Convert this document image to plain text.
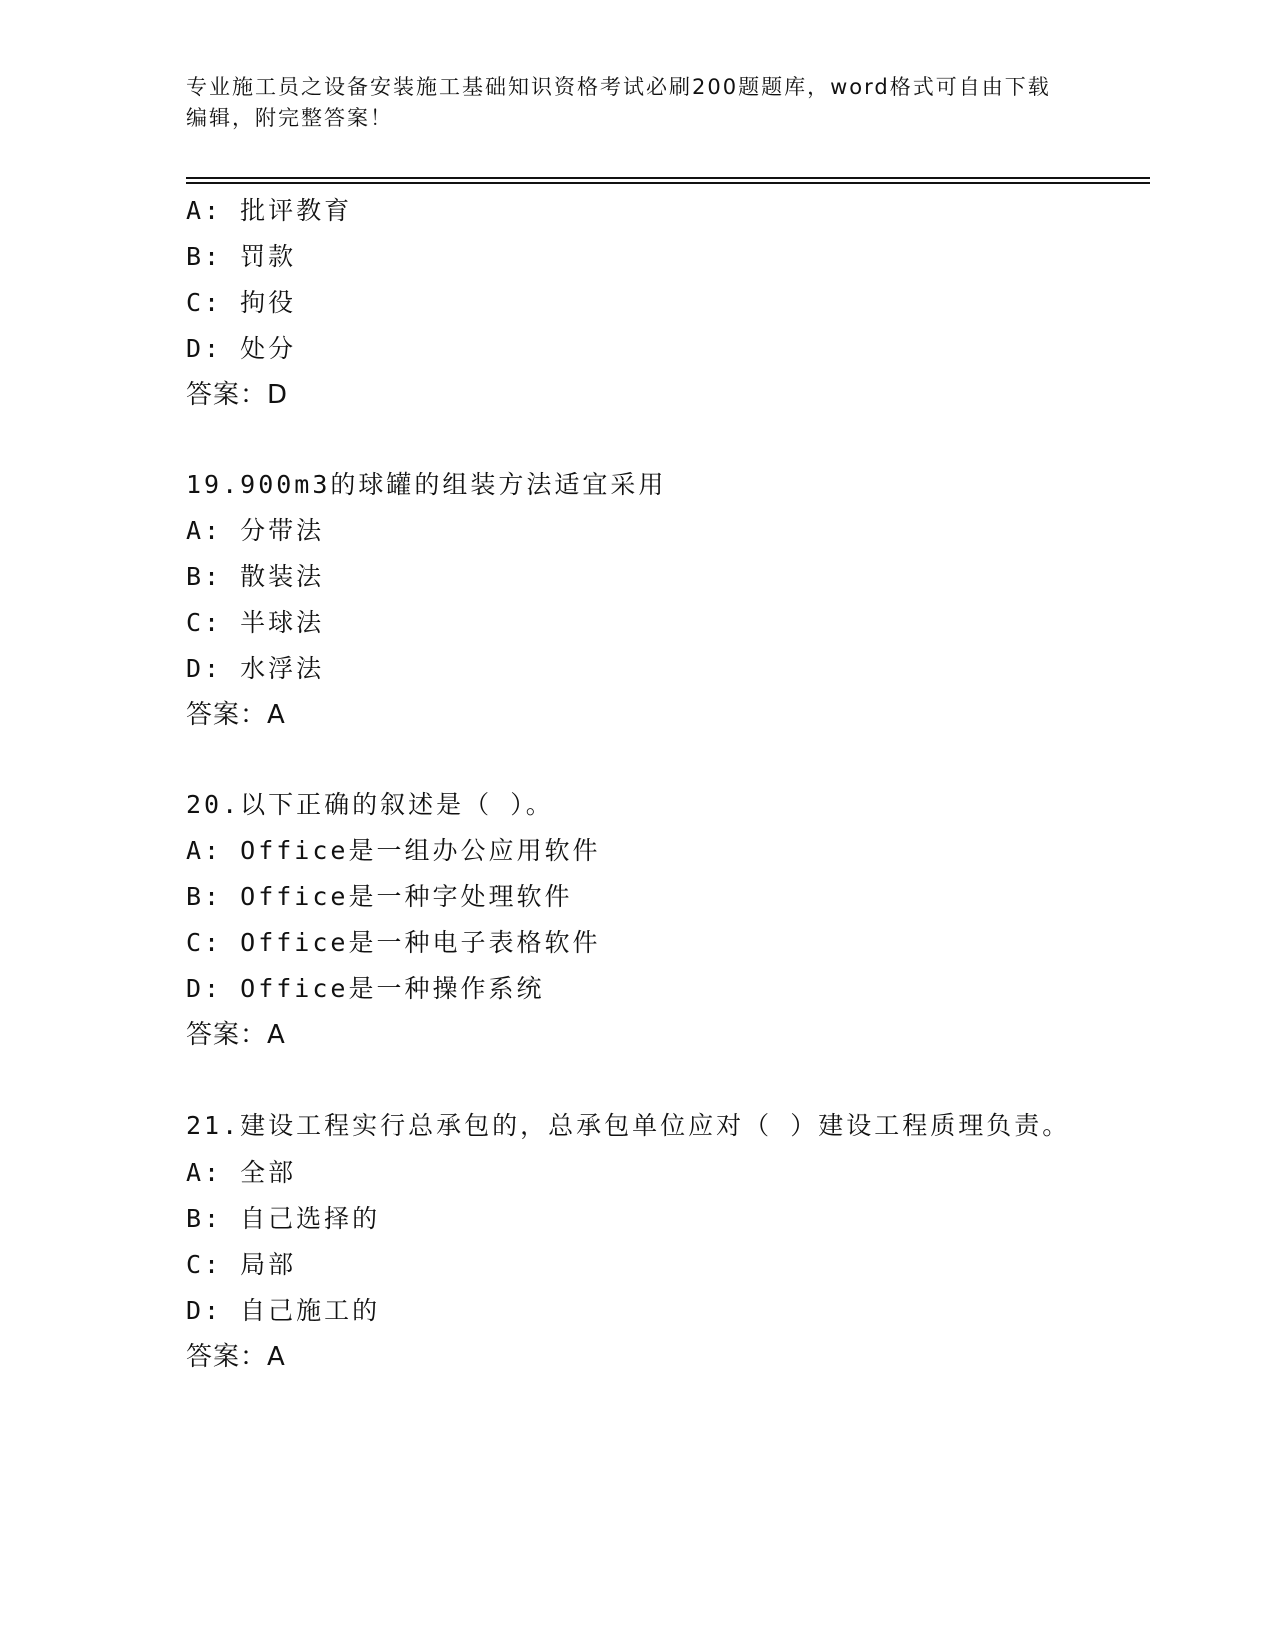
专业施工员之设备安装施工基础知识资格考试必刷200题题库，word格式可自由下载编辑，附完整答案！
A: 批评教育
B: 罚款
C: 拘役
D: 处分
答案：D
19.900m3的球罐的组装方法适宜采用
A: 分带法
B: 散装法
C: 半球法
D: 水浮法
答案：A
20.以下正确的叙述是（ ）。
A: Office是一组办公应用软件
B: Office是一种字处理软件
C: Office是一种电子表格软件
D: Office是一种操作系统
答案：A
21.建设工程实行总承包的，总承包单位应对（ ）建设工程质理负责。
A: 全部
B: 自己选择的
C: 局部
D: 自己施工的
答案：A
